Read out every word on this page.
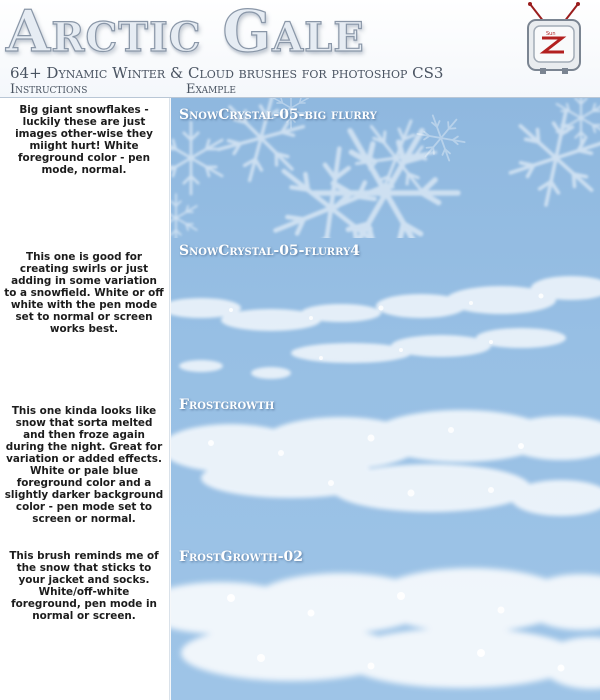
Arctic Gale
64+ Dynamic Winter & Cloud brushes for photoshop CS3
Instructions	Example
Sun
Big giant snowflakes - luckily these are just images other-wise they miight hurt! White foreground color - pen mode, normal.
This one is good for creating swirls or just adding in some variation to a snowfield. White or off white with the pen mode set to normal or screen works best.
This one kinda looks like snow that sorta melted and then froze again during the night. Great for variation or added effects. White or pale blue foreground color and a slightly darker background color - pen mode set to screen or normal.
This brush reminds me of the snow that sticks to your jacket and socks. White/off-white foreground, pen mode in normal or screen.
SnowCrystal-05-big flurry
SnowCrystal-05-flurry4
Frostgrowth
FrostGrowth-02
